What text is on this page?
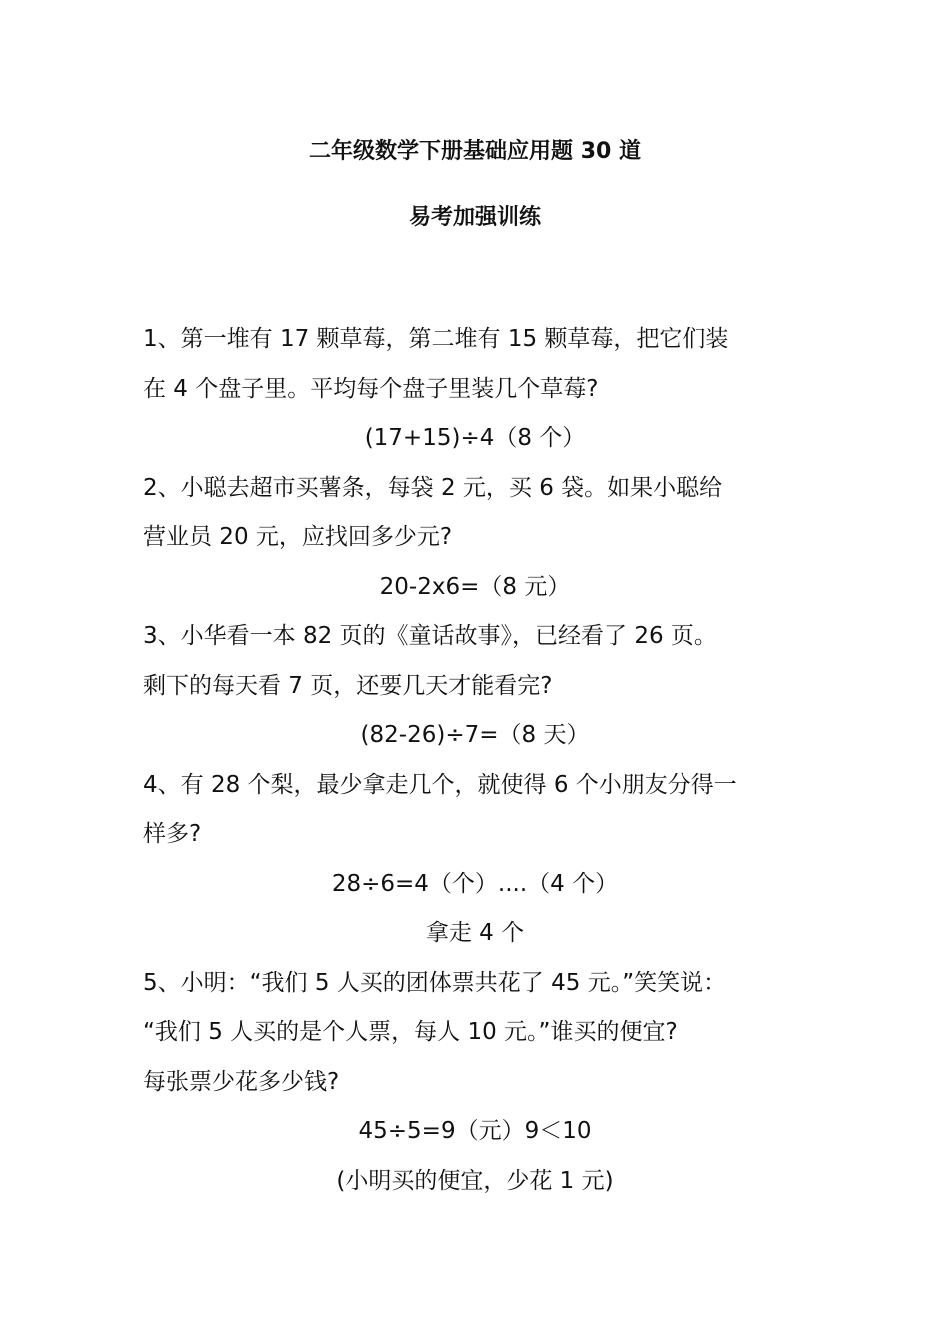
二年级数学下册基础应用题 30 道
易考加强训练
1、第一堆有 17 颗草莓，第二堆有 15 颗草莓，把它们装
在 4 个盘子里。平均每个盘子里装几个草莓?
(17+15)÷4（8 个）
2、小聪去超市买薯条，每袋 2 元，买 6 袋。如果小聪给
营业员 20 元，应找回多少元?
20-2x6=（8 元）
3、小华看一本 82 页的《童话故事》，已经看了 26 页。
剩下的每天看 7 页，还要几天才能看完?
(82-26)÷7=（8 天）
4、有 28 个梨，最少拿走几个，就使得 6 个小朋友分得一
样多?
28÷6=4（个）....（4 个）
拿走 4 个
5、小明：“我们 5 人买的团体票共花了 45 元。”笑笑说：
“我们 5 人买的是个人票，每人 10 元。”谁买的便宜?
每张票少花多少钱?
45÷5=9（元）9＜10
(小明买的便宜，少花 1 元)
